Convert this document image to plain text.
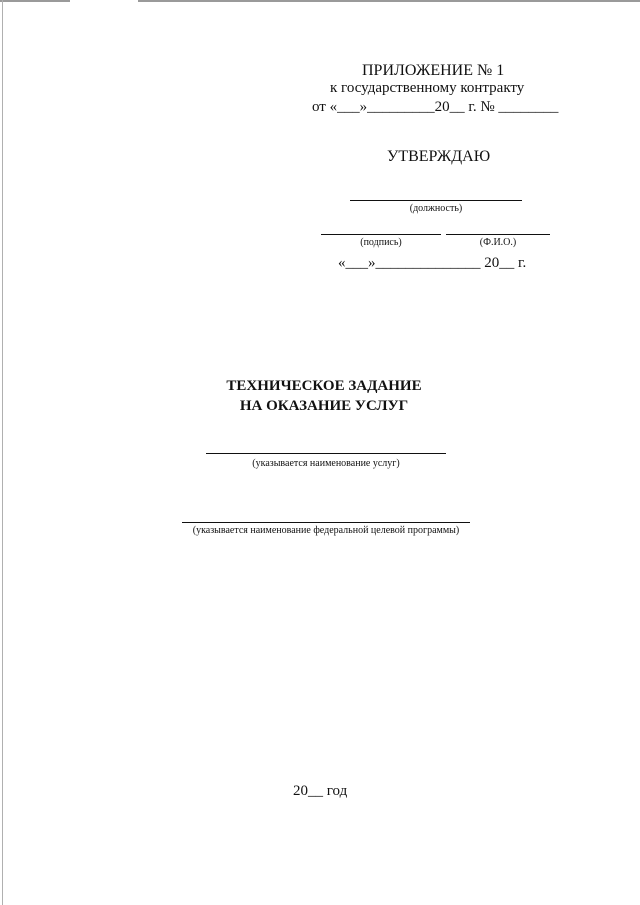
ПРИЛОЖЕНИЕ № 1
к государственному контракту
от «___»_________20__ г. № ________
УТВЕРЖДАЮ
(должность)
(подпись)	(Ф.И.О.)
«___»______________ 20__ г.
ТЕХНИЧЕСКОЕ ЗАДАНИЕ
НА ОКАЗАНИЕ УСЛУГ
(указывается наименование услуг)
(указывается наименование федеральной целевой программы)
20__ год
